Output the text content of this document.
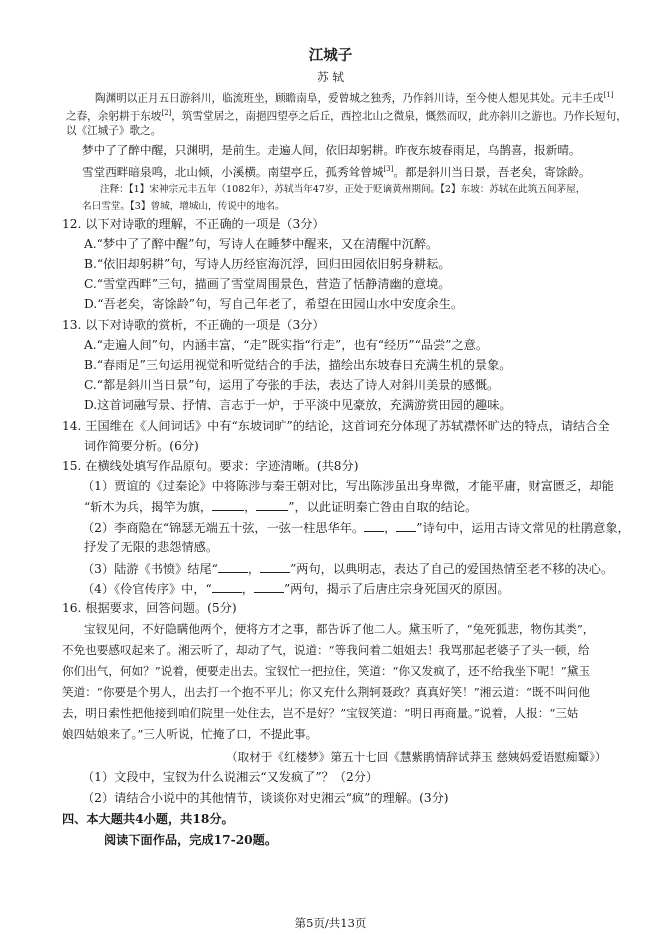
江城子
苏 轼
陶渊明以正月五日游斜川，临流班坐，顾瞻南阜，爱曾城之独秀，乃作斜川诗，至今使人想见其处。元丰壬戌[1]
之春，余躬耕于东坡[2]，筑雪堂居之，南挹四望亭之后丘，西控北山之微泉，慨然而叹，此亦斜川之游也。乃作长短句，
以《江城子》歌之。
梦中了了醉中醒，只渊明，是前生。走遍人间，依旧却躬耕。昨夜东坡春雨足，乌鹊喜，报新晴。
雪堂西畔暗泉鸣，北山倾，小溪横。南望亭丘，孤秀耸曾城[3]。都是斜川当日景，吾老矣，寄馀龄。
注释：【1】宋神宗元丰五年（1082年），苏轼当年47岁，正处于贬谪黄州期间。【2】东坡：苏轼在此筑五间茅屋，
名曰雪堂。【3】曾城，增城山，传说中的地名。
12. 以下对诗歌的理解，不正确的一项是（3分）
A.“梦中了了醉中醒”句，写诗人在睡梦中醒来，又在清醒中沉醉。
B.“依旧却躬耕”句，写诗人历经宦海沉浮，回归田园依旧躬身耕耘。
C.“雪堂西畔”三句，描画了雪堂周围景色，营造了恬静清幽的意境。
D.“吾老矣，寄馀龄”句，写自己年老了，希望在田园山水中安度余生。
13. 以下对诗歌的赏析，不正确的一项是（3分）
A.“走遍人间”句，内涵丰富，“走”既实指“行走”，也有“经历”“品尝”之意。
B.“春雨足”三句运用视觉和听觉结合的手法，描绘出东坡春日充满生机的景象。
C.“都是斜川当日景”句，运用了夸张的手法，表达了诗人对斜川美景的感慨。
D.这首词融写景、抒情、言志于一炉，于平淡中见豪放，充满游赏田园的趣味。
14. 王国维在《人间词话》中有“东坡词旷”的结论，这首词充分体现了苏轼襟怀旷达的特点，请结合全
词作简要分析。(6分)
15. 在横线处填写作品原句。要求：字迹清晰。(共8分)
（1）贾谊的《过秦论》中将陈涉与秦王朝对比，写出陈涉虽出身卑微，才能平庸，财富匮乏，却能
“斩木为兵，揭竿为旗，	，	”，以此证明秦亡咎由自取的结论。
（2）李商隐在“锦瑟无端五十弦，一弦一柱思华年。 ， ”诗句中，运用古诗文常见的杜鹃意象，
抒发了无限的悲怨情感。
（3）陆游《书愤》结尾“ ， ”两句，以典明志，表达了自己的爱国热情至老不移的决心。
（4）《伶官传序》中，“ ， ”两句，揭示了后唐庄宗身死国灭的原因。
16. 根据要求，回答问题。(5分)
宝钗见问，不好隐瞒他两个，便将方才之事，都告诉了他二人。黛玉听了，“兔死狐悲，物伤其类”，
不免也要感叹起来了。湘云听了，却动了气，说道：“等我问着二姐姐去！我骂那起老婆子了头一顿，给
你们出气，何如？”说着，便要走出去。宝钗忙一把拉住，笑道：“你又发疯了，还不给我坐下呢！”黛玉
笑道：“你要是个男人，出去打一个抱不平儿；你又充什么荆轲聂政？真真好笑！”湘云道：“既不叫问他
去，明日索性把他接到咱们院里一处住去，岂不是好？”宝钗笑道：“明日再商量。”说着，人报：“三姑
娘四姑娘来了。”三人听说，忙掩了口，不提此事。
（取材于《红楼梦》第五十七回《慧紫鹃情辞试莽玉 慈姨妈爱语慰痴颦》）
（1）文段中，宝钗为什么说湘云“又发疯了”？（2分）
（2）请结合小说中的其他情节，谈谈你对史湘云“疯”的理解。(3分)
四、本大题共4小题，共18分。
阅读下面作品，完成17-20题。
第5页/共13页
